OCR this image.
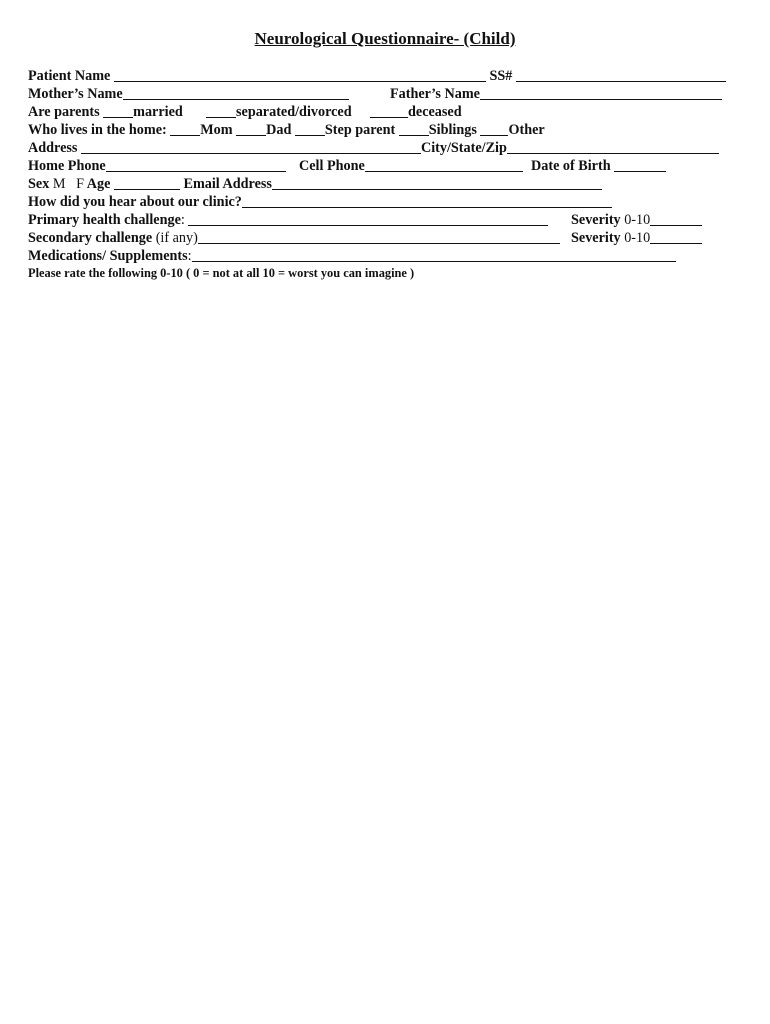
Neurological Questionnaire- (Child)
Patient Name	SS#
Mother’s Name	Father’s Name
Are parents married	separated/divorced	deceased
Who lives in the home: Mom Dad Step parent Siblings Other
Address	City/State/Zip
Home Phone	Cell Phone	Date of Birth
Sex M   F Age	Email Address
How did you hear about our clinic?
Primary health challenge:	Severity 0-10
Secondary challenge (if any)	Severity 0-10
Medications/ Supplements:
Please rate the following 0-10 ( 0 = not at all 10 = worst you can imagine )
